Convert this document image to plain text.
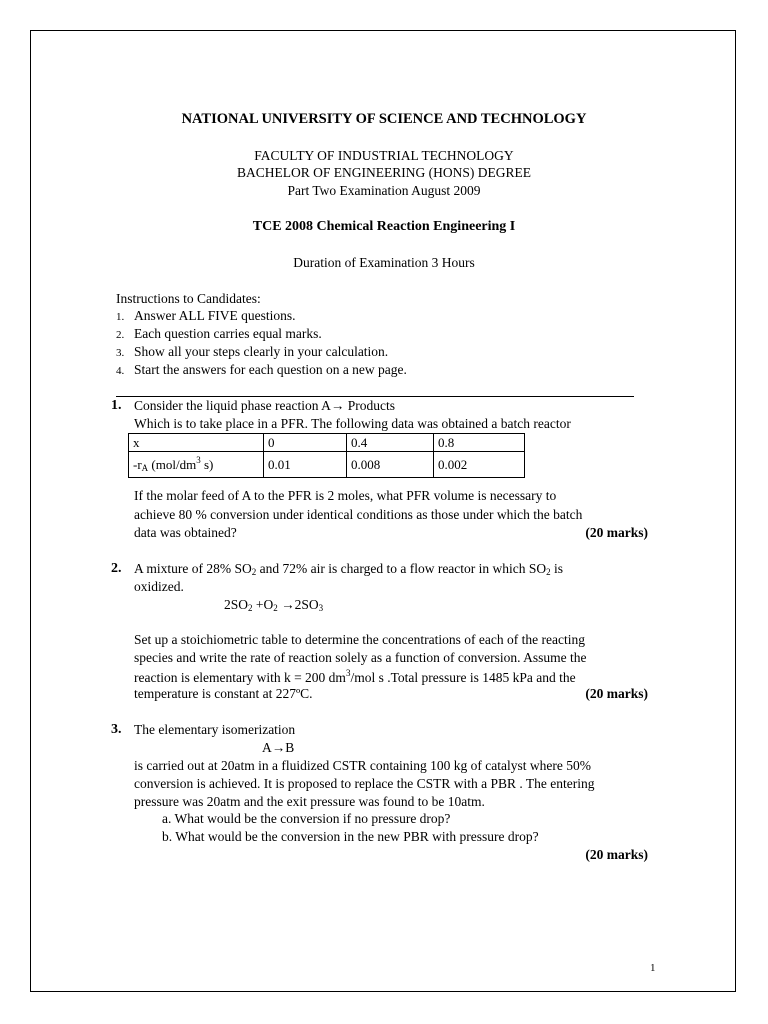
NATIONAL UNIVERSITY OF SCIENCE AND TECHNOLOGY
FACULTY OF INDUSTRIAL TECHNOLOGY
BACHELOR OF ENGINEERING (HONS) DEGREE
Part Two Examination August 2009
TCE 2008 Chemical Reaction Engineering I
Duration of Examination 3 Hours
Instructions to Candidates:
1. Answer ALL FIVE questions.
2. Each question carries equal marks.
3. Show all your steps clearly in your calculation.
4. Start the answers for each question on a new page.
1. Consider the liquid phase reaction A→ Products
Which is to take place in a PFR. The following data was obtained a batch reactor
x	0	0.4	0.8
$-r_A$ ($mol/dm^3$ s)	0.01	0.008	0.002
If the molar feed of A to the PFR is 2 moles, what PFR volume is necessary to
achieve 80 % conversion under identical conditions as those under which the batch
data was obtained?	(20 marks)
2. A mixture of 28% $SO_2$ and 72% air is charged to a flow reactor in which $SO_2$ is
oxidized.
$2SO_2 +O_2 \to 2SO_3$
Set up a stoichiometric table to determine the concentrations of each of the reacting
species and write the rate of reaction solely as a function of conversion. Assume the
reaction is elementary with k = 200 $dm^3$/mol s .Total pressure is 1485 kPa and the
temperature is constant at 227ºC.	(20 marks)
3. The elementary isomerization
A→B
is carried out at 20atm in a fluidized CSTR containing 100 kg of catalyst where 50%
conversion is achieved. It is proposed to replace the CSTR with a PBR . The entering
pressure was 20atm and the exit pressure was found to be 10atm.
a. What would be the conversion if no pressure drop?
b. What would be the conversion in the new PBR with pressure drop?
(20 marks)
1
